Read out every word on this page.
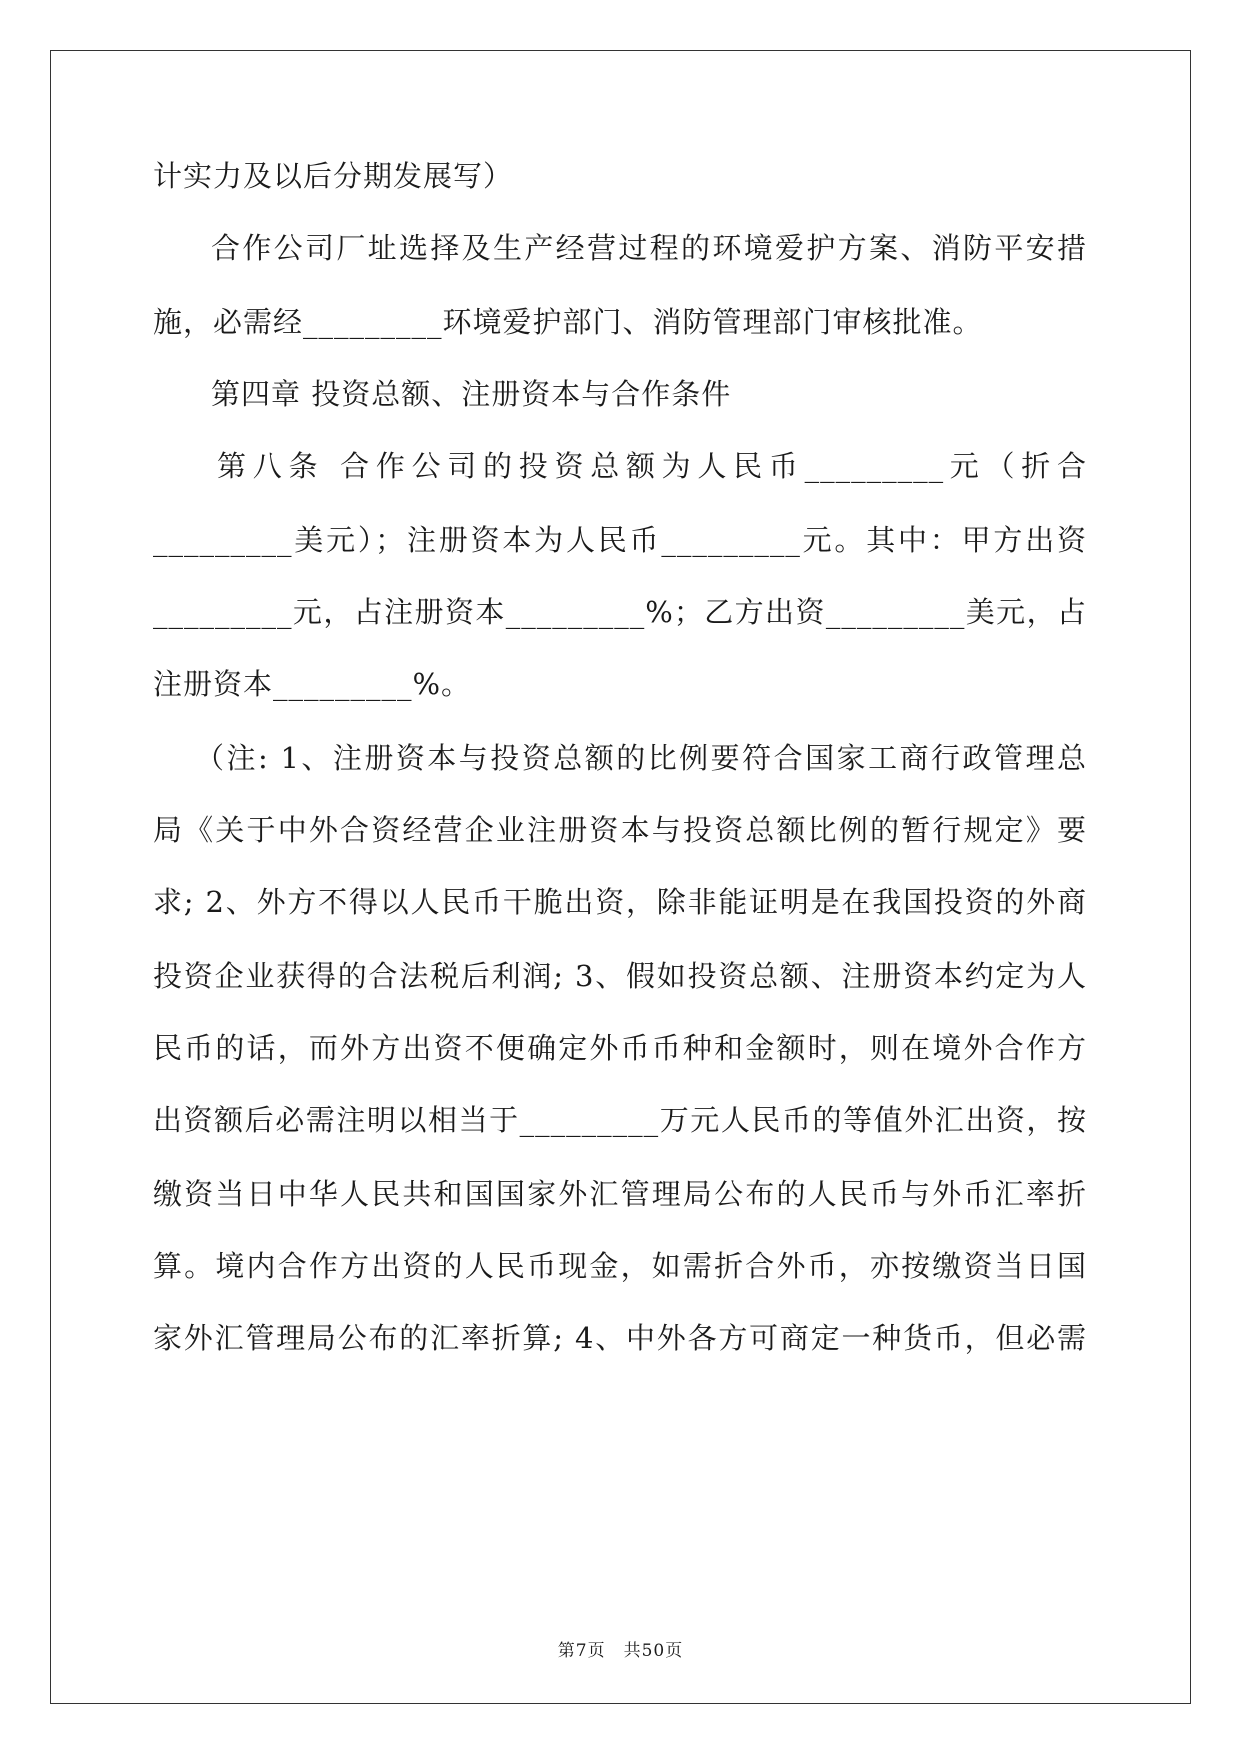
计实力及以后分期发展写）
合作公司厂址选择及生产经营过程的环境爱护方案、消防平安措
施，必需经_________环境爱护部门、消防管理部门审核批准。
第四章 投资总额、注册资本与合作条件
第八条 合作公司的投资总额为人民币_________元（折合
_________美元）；注册资本为人民币_________元。其中：甲方出资
_________元，占注册资本_________%；乙方出资_________美元，占
注册资本_________%。
（注: 1、注册资本与投资总额的比例要符合国家工商行政管理总
局《关于中外合资经营企业注册资本与投资总额比例的暂行规定》要
求; 2、外方不得以人民币干脆出资，除非能证明是在我国投资的外商
投资企业获得的合法税后利润; 3、假如投资总额、注册资本约定为人
民币的话，而外方出资不便确定外币币种和金额时，则在境外合作方
出资额后必需注明以相当于_________万元人民币的等值外汇出资，按
缴资当日中华人民共和国国家外汇管理局公布的人民币与外币汇率折
算。境内合作方出资的人民币现金，如需折合外币，亦按缴资当日国
家外汇管理局公布的汇率折算; 4、中外各方可商定一种货币，但必需
第7页　共50页
